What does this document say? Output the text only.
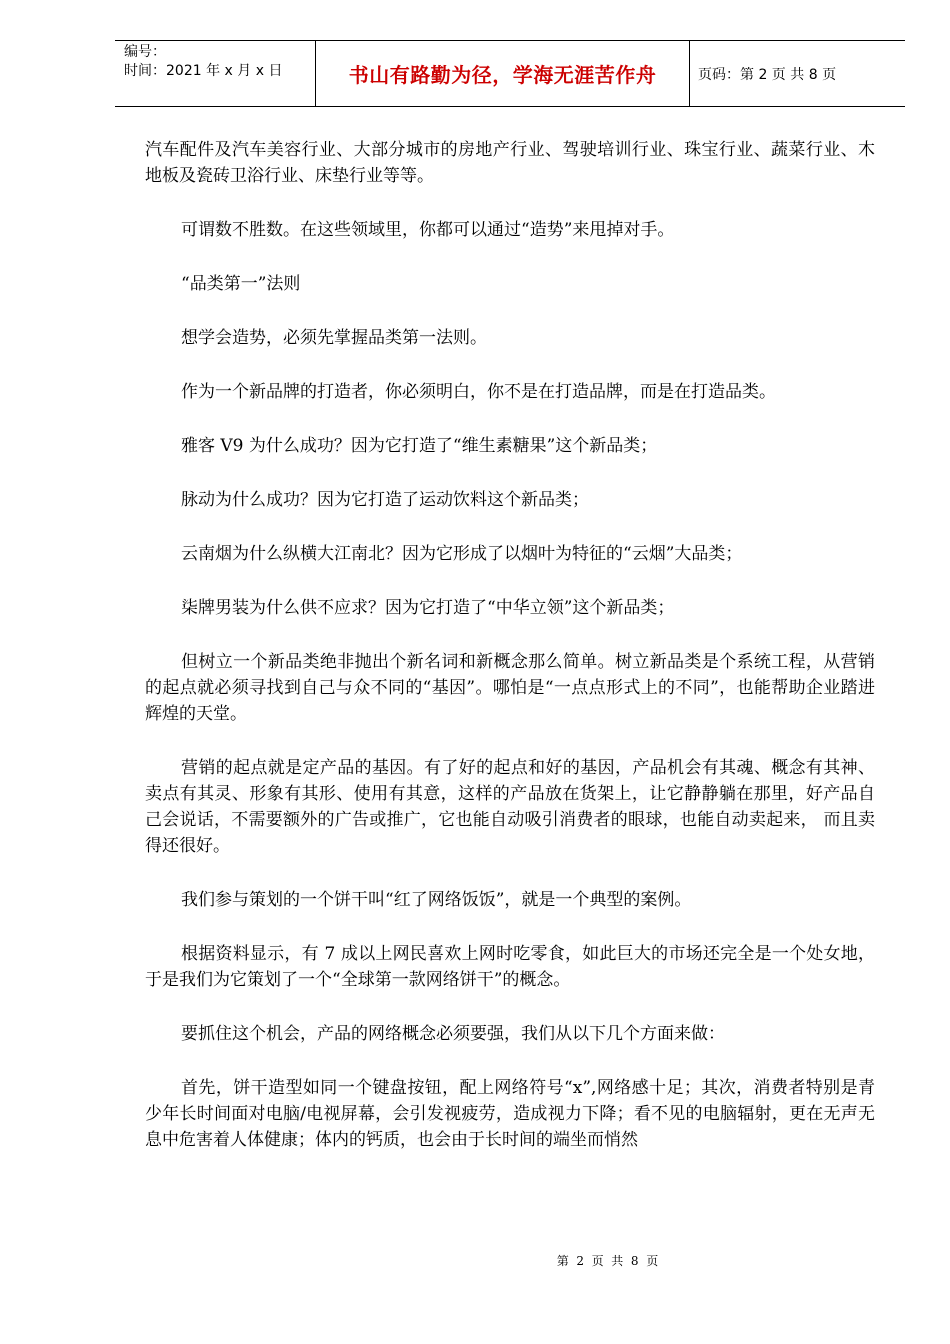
编号：
时间：2021 年 x 月 x 日	书山有路勤为径，学海无涯苦作舟	页码：第 2 页 共 8 页

汽车配件及汽车美容行业、大部分城市的房地产行业、驾驶培训行业、珠宝行业、蔬菜行业、木地板及瓷砖卫浴行业、床垫行业等等。

可谓数不胜数。在这些领域里，你都可以通过“造势”来甩掉对手。

“品类第一”法则

想学会造势，必须先掌握品类第一法则。

作为一个新品牌的打造者，你必须明白，你不是在打造品牌，而是在打造品类。

雅客 V9 为什么成功？因为它打造了“维生素糖果”这个新品类；

脉动为什么成功？因为它打造了运动饮料这个新品类；

云南烟为什么纵横大江南北？因为它形成了以烟叶为特征的“云烟”大品类；

柒牌男装为什么供不应求？因为它打造了“中华立领”这个新品类；

但树立一个新品类绝非抛出个新名词和新概念那么简单。树立新品类是个系统工程，从营销的起点就必须寻找到自己与众不同的“基因”。哪怕是“一点点形式上的不同”，也能帮助企业踏进辉煌的天堂。

营销的起点就是定产品的基因。有了好的起点和好的基因，产品机会有其魂、概念有其神、卖点有其灵、形象有其形、使用有其意，这样的产品放在货架上，让它静静躺在那里，好产品自己会说话，不需要额外的广告或推广，它也能自动吸引消费者的眼球，也能自动卖起来， 而且卖得还很好。

我们参与策划的一个饼干叫“红了网络饭饭”，就是一个典型的案例。

根据资料显示，有 7 成以上网民喜欢上网时吃零食，如此巨大的市场还完全是一个处女地，于是我们为它策划了一个“全球第一款网络饼干”的概念。

要抓住这个机会，产品的网络概念必须要强，我们从以下几个方面来做：

首先，饼干造型如同一个键盘按钮，配上网络符号“x”,网络感十足；其次，消费者特别是青少年长时间面对电脑/电视屏幕，会引发视疲劳，造成视力下降；看不见的电脑辐射，更在无声无息中危害着人体健康；体内的钙质，也会由于长时间的端坐而悄然

第  2  页  共  8  页
